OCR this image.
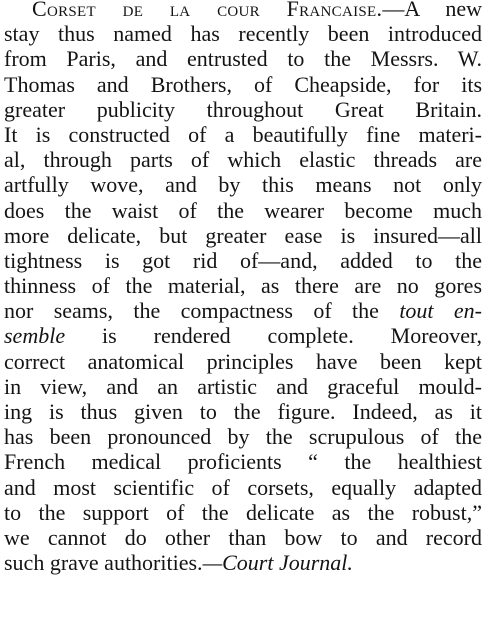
Corset de la cour Francaise.—A new
stay thus named has recently been introduced
from Paris, and entrusted to the Messrs. W.
Thomas and Brothers, of Cheapside, for its
greater publicity throughout Great Britain.
It is constructed of a beautifully fine materi-
al, through parts of which elastic threads are
artfully wove, and by this means not only
does the waist of the wearer become much
more delicate, but greater ease is insured—all
tightness is got rid of—and, added to the
thinness of the material, as there are no gores
nor seams, the compactness of the tout en-
semble is rendered complete. Moreover,
correct anatomical principles have been kept
in view, and an artistic and graceful mould-
ing is thus given to the figure. Indeed, as it
has been pronounced by the scrupulous of the
French medical proficients “ the healthiest
and most scientific of corsets, equally adapted
to the support of the delicate as the robust,”
we cannot do other than bow to and record
such grave authorities.—Court Journal.
